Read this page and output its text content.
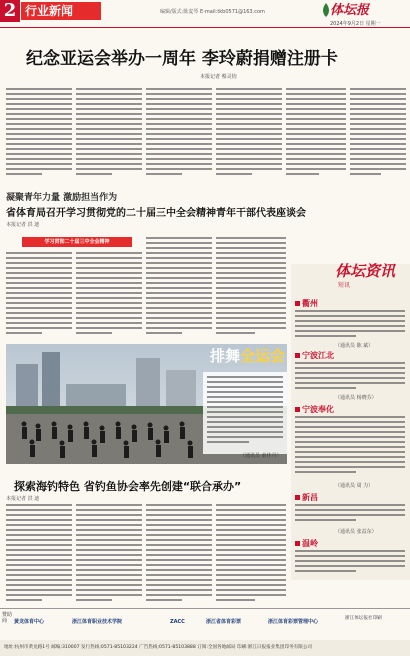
2 行业新闻	编辑/版式:陈麦琴 E-mail:tkb0571@163.com	体坛报
2024年9月2日 星期一
纪念亚运会举办一周年 李玲蔚捐赠注册卡
本报记者 蔡灵钧
凝聚青年力量 激励担当作为
省体育局召开学习贯彻党的二十届三中全会精神青年干部代表座谈会
本报记者 洪 迪
学习贯彻二十届三中全会精神
体坛资讯
短讯
衢州
（通讯员 陈 斌）
宁波江北
（通讯员 杨晓芬）
宁波奉化
（通讯员 周 力）
新昌
（通讯员 张益东）
温岭
排舞全运会
（通讯员 俞佳丹）
探索海钓特色 省钓鱼协会率先创建“联合承办”
本报记者 洪 迪
赞助商	黄龙体育中心	浙江体育职业技术学院	ZACC	浙江省体育彩票	浙江体育彩票管理中心
浙江体坛报社印刷
地址:杭州市黄龙路1号 邮编:310007 发行热线:0571-85103224 广告热线:0571-85103888 订阅:全国各地邮局 印刷:浙江日报报业集团印务有限公司
